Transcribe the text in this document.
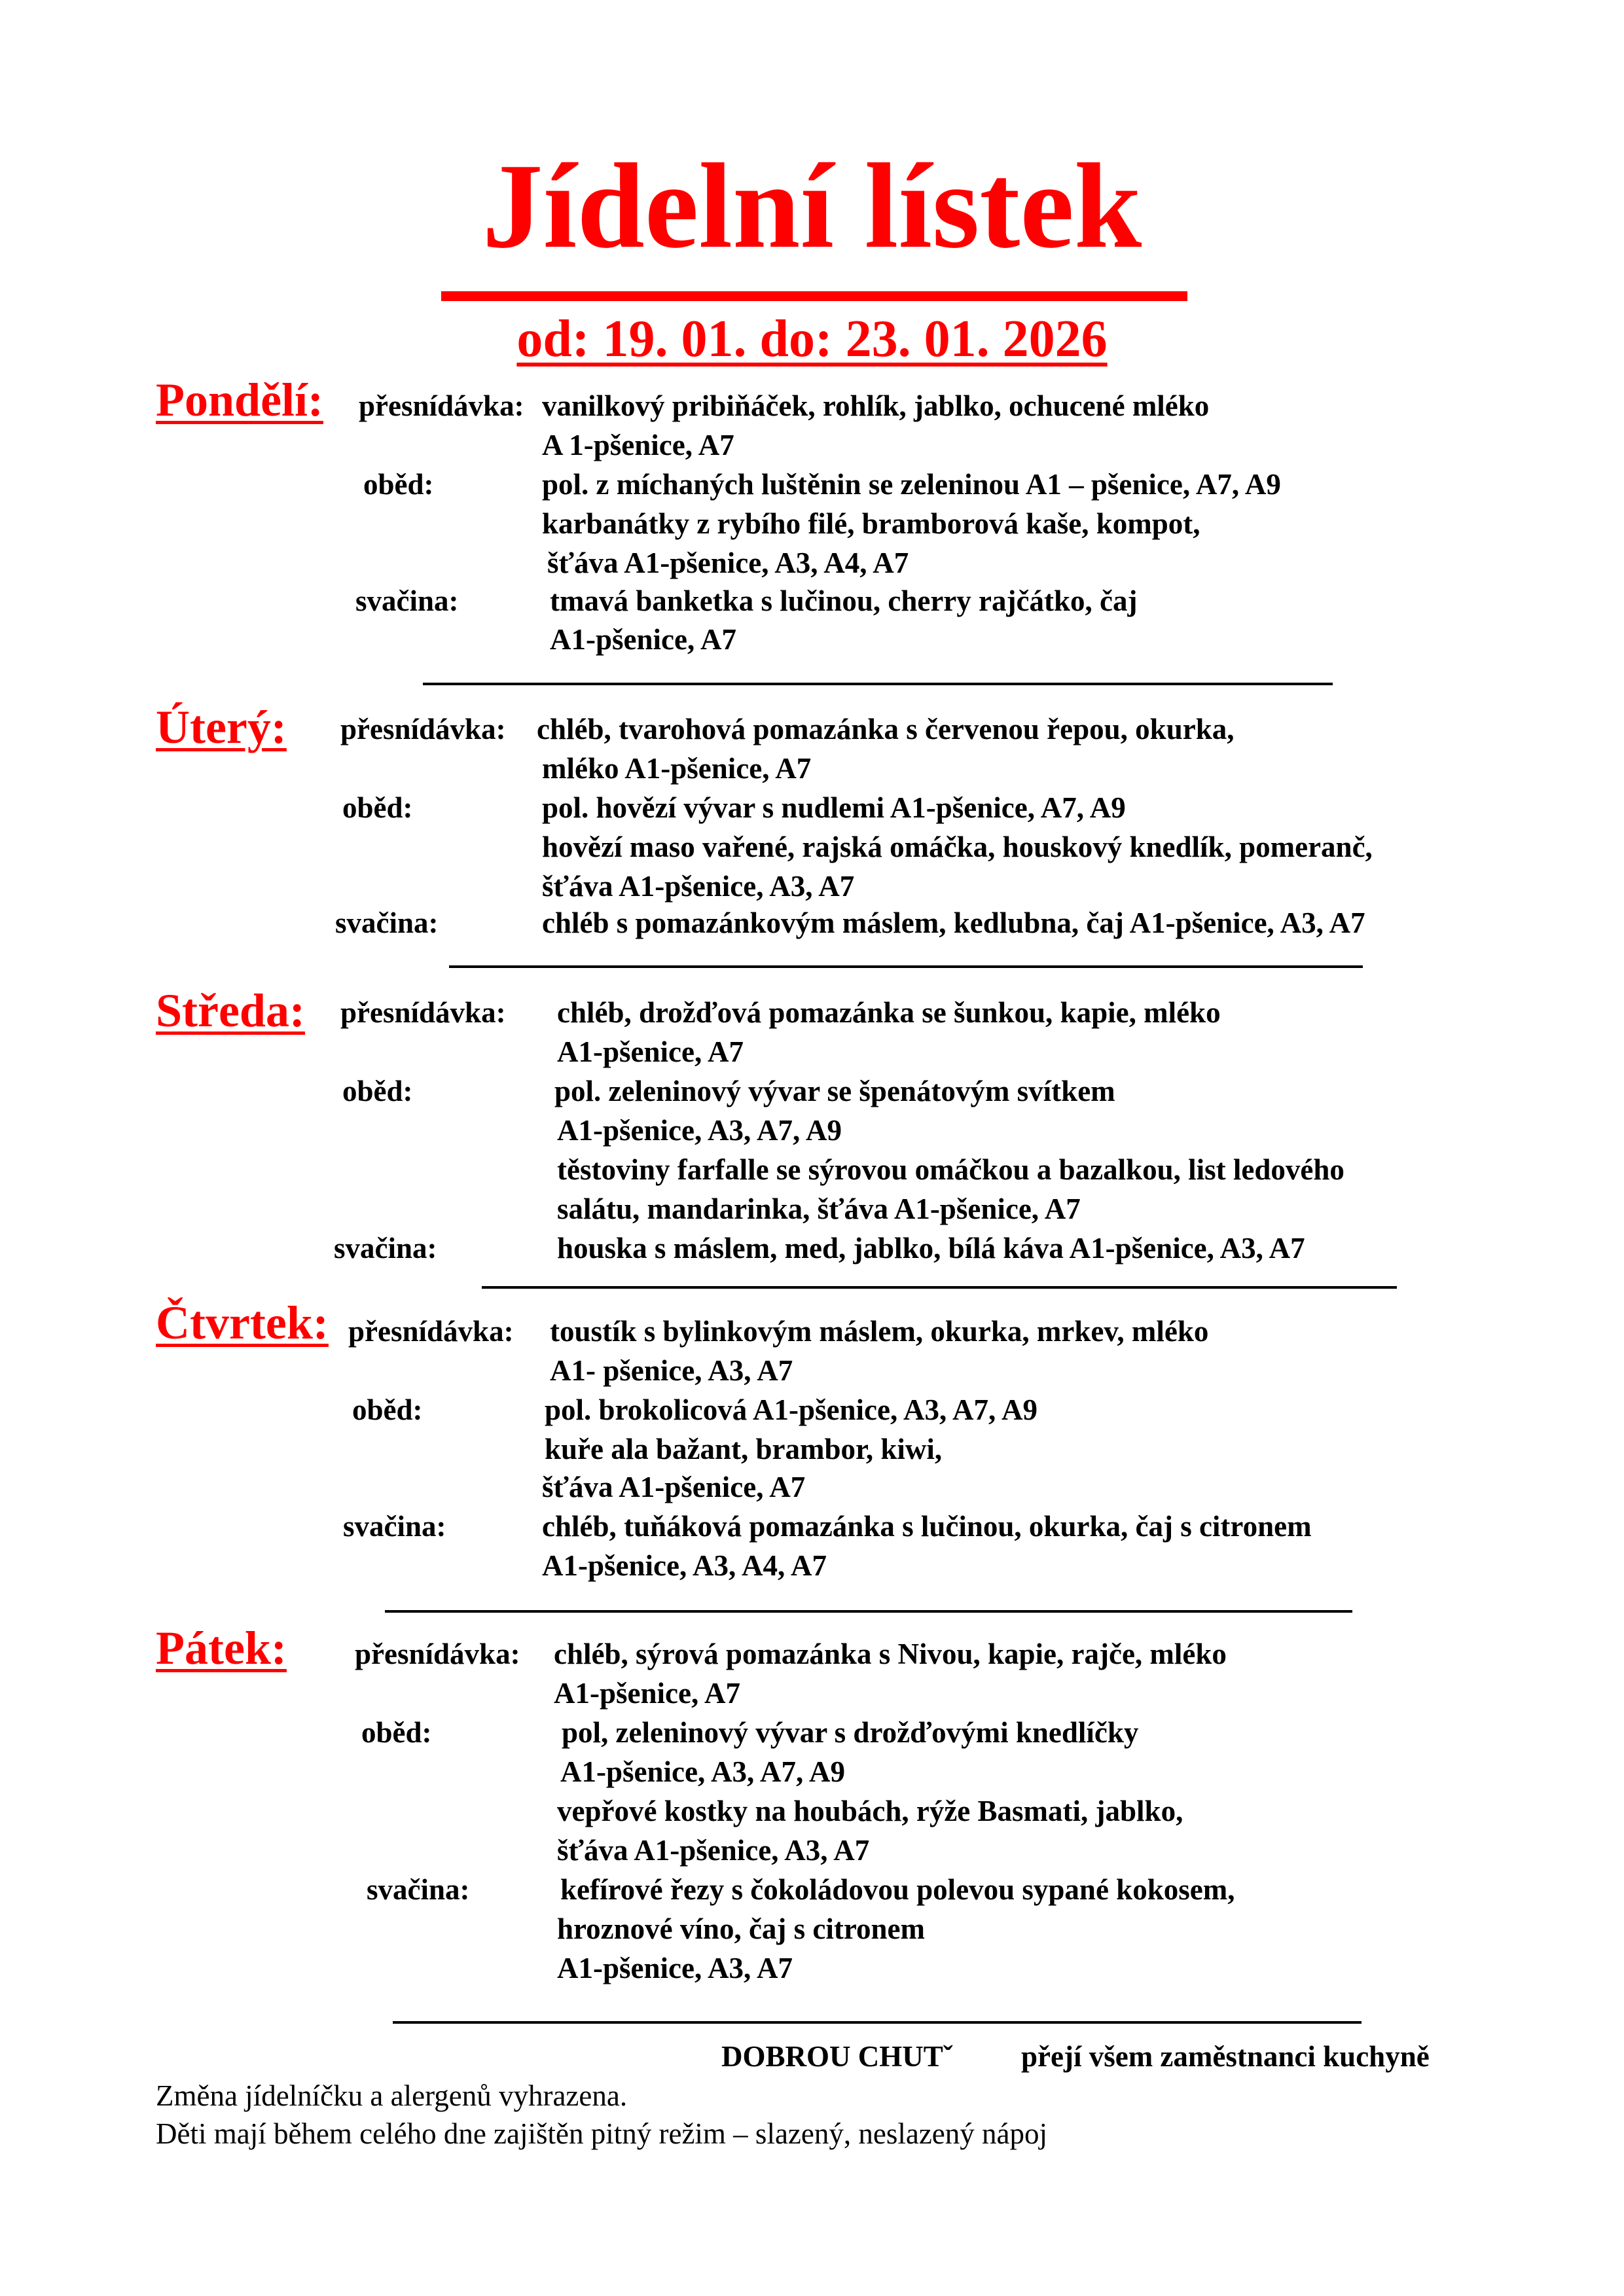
Jídelní lístek
od: 19. 01. do: 23. 01. 2026
Pondělí: přesnídávka: vanilkový pribiňáček, rohlík, jablko, ochucené mléko
A 1-pšenice, A7
oběd:	pol. z míchaných luštěnin se zeleninou A1 – pšenice, A7, A9
karbanátky z rybího filé, bramborová kaše, kompot,
šťáva A1-pšenice, A3, A4, A7
svačina:	tmavá banketka s lučinou, cherry rajčátko, čaj
A1-pšenice, A7
Úterý: přesnídávka: chléb, tvarohová pomazánka s červenou řepou, okurka,
mléko A1-pšenice, A7
oběd:	pol. hovězí vývar s nudlemi A1-pšenice, A7, A9
hovězí maso vařené, rajská omáčka, houskový knedlík, pomeranč,
šťáva A1-pšenice, A3, A7
svačina:	chléb s pomazánkovým máslem, kedlubna, čaj A1-pšenice, A3, A7
Středa: přesnídávka: chléb, drožďová pomazánka se šunkou, kapie, mléko
A1-pšenice, A7
oběd:	pol. zeleninový vývar se špenátovým svítkem
A1-pšenice, A3, A7, A9
těstoviny farfalle se sýrovou omáčkou a bazalkou, list ledového
salátu, mandarinka, šťáva A1-pšenice, A7
svačina:	houska s máslem, med, jablko, bílá káva A1-pšenice, A3, A7
Čtvrtek: přesnídávka: toustík s bylinkovým máslem, okurka, mrkev, mléko
A1- pšenice, A3, A7
oběd:	pol. brokolicová A1-pšenice, A3, A7, A9
kuře ala bažant, brambor, kiwi,
šťáva A1-pšenice, A7
svačina:	chléb, tuňáková pomazánka s lučinou, okurka, čaj s citronem
A1-pšenice, A3, A4, A7
Pátek: přesnídávka: chléb, sýrová pomazánka s Nivou, kapie, rajče, mléko
A1-pšenice, A7
oběd:	pol, zeleninový vývar s drožďovými knedlíčky
A1-pšenice, A3, A7, A9
vepřové kostky na houbách, rýže Basmati, jablko,
šťáva A1-pšenice, A3, A7
svačina:	kefírové řezy s čokoládovou polevou sypané kokosem,
hroznové víno, čaj s citronem
A1-pšenice, A3, A7
DOBROU CHUTˇ přejí všem zaměstnanci kuchyně
Změna jídelníčku a alergenů vyhrazena.
Děti mají během celého dne zajištěn pitný režim – slazený, neslazený nápoj
